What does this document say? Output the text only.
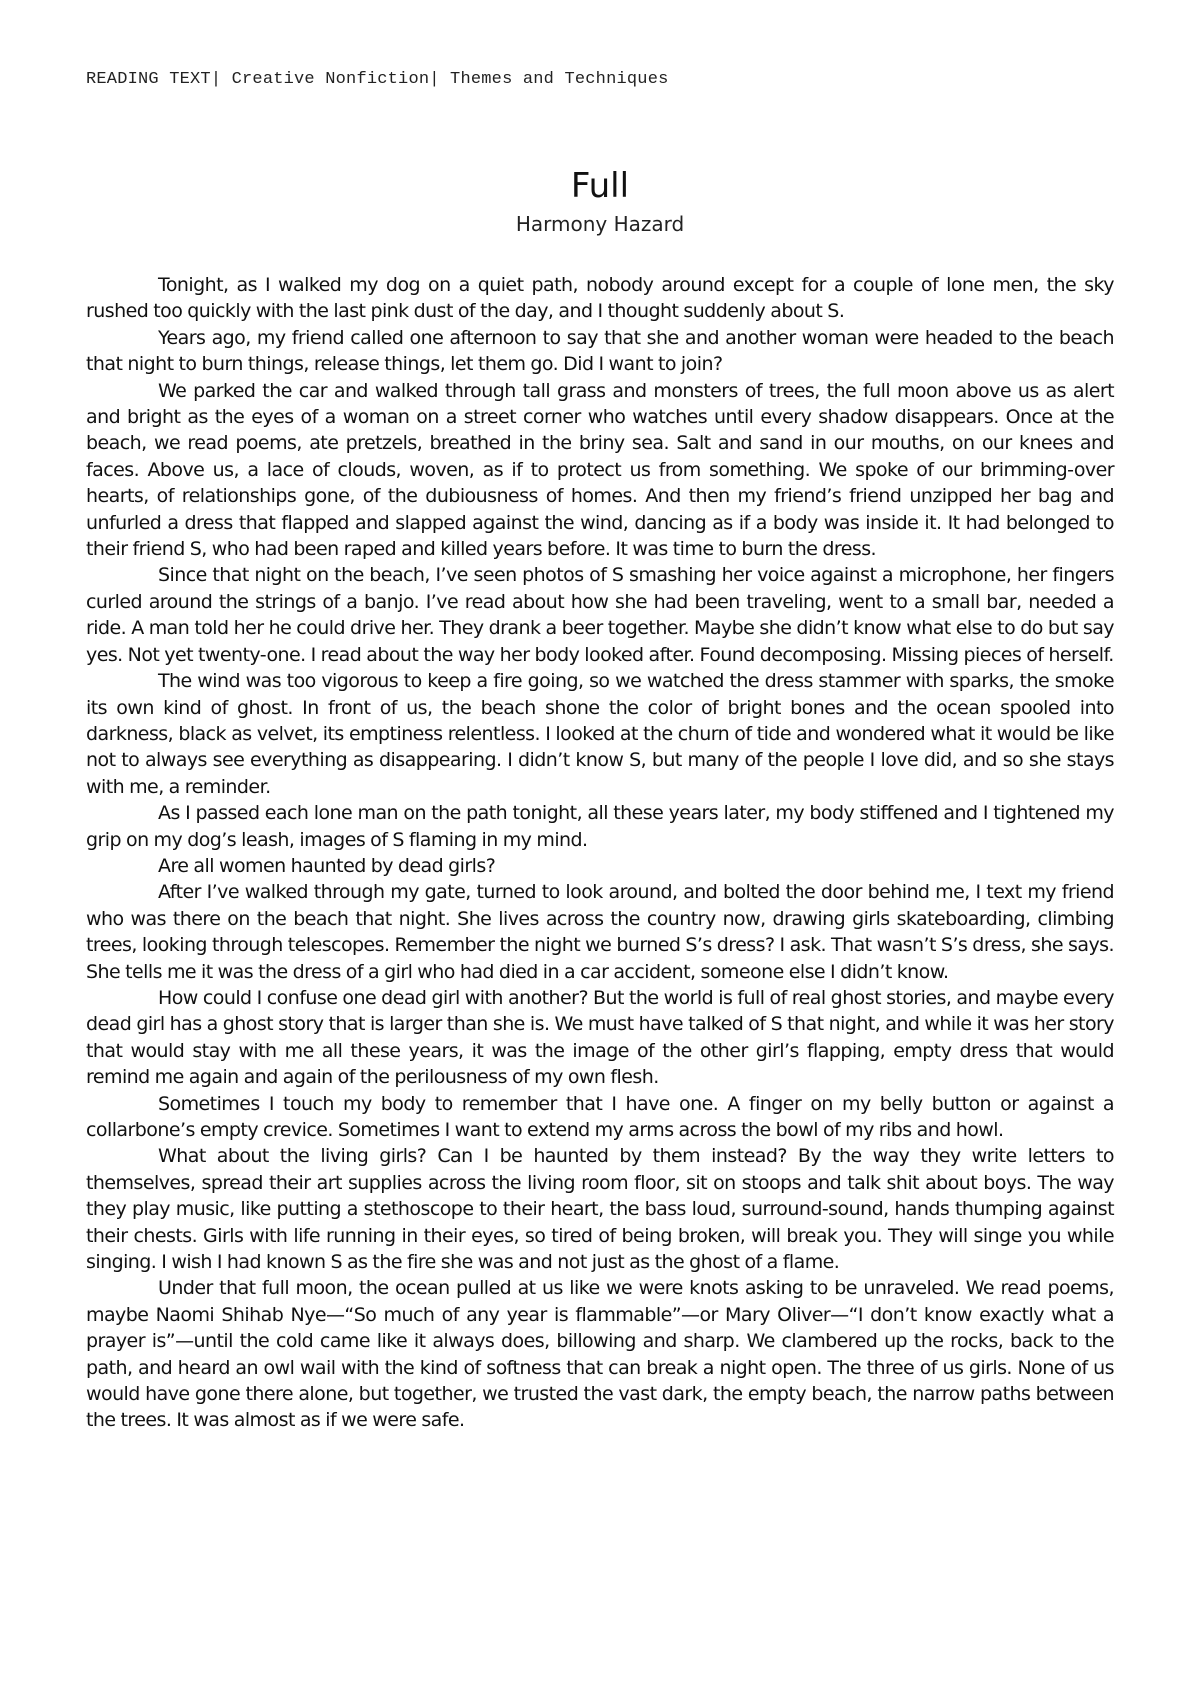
READING TEXT| Creative Nonfiction| Themes and Techniques
Full
Harmony Hazard

Tonight, as I walked my dog on a quiet path, nobody around except for a couple of lone men, the sky rushed too quickly with the last pink dust of the day, and I thought suddenly about S.

Years ago, my friend called one afternoon to say that she and another woman were headed to the beach that night to burn things, release things, let them go. Did I want to join?

We parked the car and walked through tall grass and monsters of trees, the full moon above us as alert and bright as the eyes of a woman on a street corner who watches until every shadow disappears. Once at the beach, we read poems, ate pretzels, breathed in the briny sea. Salt and sand in our mouths, on our knees and faces. Above us, a lace of clouds, woven, as if to protect us from something. We spoke of our brimming-over hearts, of relationships gone, of the dubiousness of homes. And then my friend’s friend unzipped her bag and unfurled a dress that flapped and slapped against the wind, dancing as if a body was inside it. It had belonged to their friend S, who had been raped and killed years before. It was time to burn the dress.

Since that night on the beach, I’ve seen photos of S smashing her voice against a microphone, her fingers curled around the strings of a banjo. I’ve read about how she had been traveling, went to a small bar, needed a ride. A man told her he could drive her. They drank a beer together. Maybe she didn’t know what else to do but say yes. Not yet twenty-one. I read about the way her body looked after. Found decomposing. Missing pieces of herself.

The wind was too vigorous to keep a fire going, so we watched the dress stammer with sparks, the smoke its own kind of ghost. In front of us, the beach shone the color of bright bones and the ocean spooled into darkness, black as velvet, its emptiness relentless. I looked at the churn of tide and wondered what it would be like not to always see everything as disappearing. I didn’t know S, but many of the people I love did, and so she stays with me, a reminder.

As I passed each lone man on the path tonight, all these years later, my body stiffened and I tightened my grip on my dog’s leash, images of S flaming in my mind.

Are all women haunted by dead girls?

After I’ve walked through my gate, turned to look around, and bolted the door behind me, I text my friend who was there on the beach that night. She lives across the country now, drawing girls skateboarding, climbing trees, looking through telescopes. Remember the night we burned S’s dress? I ask. That wasn’t S’s dress, she says. She tells me it was the dress of a girl who had died in a car accident, someone else I didn’t know.

How could I confuse one dead girl with another? But the world is full of real ghost stories, and maybe every dead girl has a ghost story that is larger than she is. We must have talked of S that night, and while it was her story that would stay with me all these years, it was the image of the other girl’s flapping, empty dress that would remind me again and again of the perilousness of my own flesh.

Sometimes I touch my body to remember that I have one. A finger on my belly button or against a collarbone’s empty crevice. Sometimes I want to extend my arms across the bowl of my ribs and howl.

What about the living girls? Can I be haunted by them instead? By the way they write letters to themselves, spread their art supplies across the living room floor, sit on stoops and talk shit about boys. The way they play music, like putting a stethoscope to their heart, the bass loud, surround-sound, hands thumping against their chests. Girls with life running in their eyes, so tired of being broken, will break you. They will singe you while singing. I wish I had known S as the fire she was and not just as the ghost of a flame.

Under that full moon, the ocean pulled at us like we were knots asking to be unraveled. We read poems, maybe Naomi Shihab Nye—“So much of any year is flammable”—or Mary Oliver—“I don’t know exactly what a prayer is”—until the cold came like it always does, billowing and sharp. We clambered up the rocks, back to the path, and heard an owl wail with the kind of softness that can break a night open. The three of us girls. None of us would have gone there alone, but together, we trusted the vast dark, the empty beach, the narrow paths between the trees. It was almost as if we were safe.
